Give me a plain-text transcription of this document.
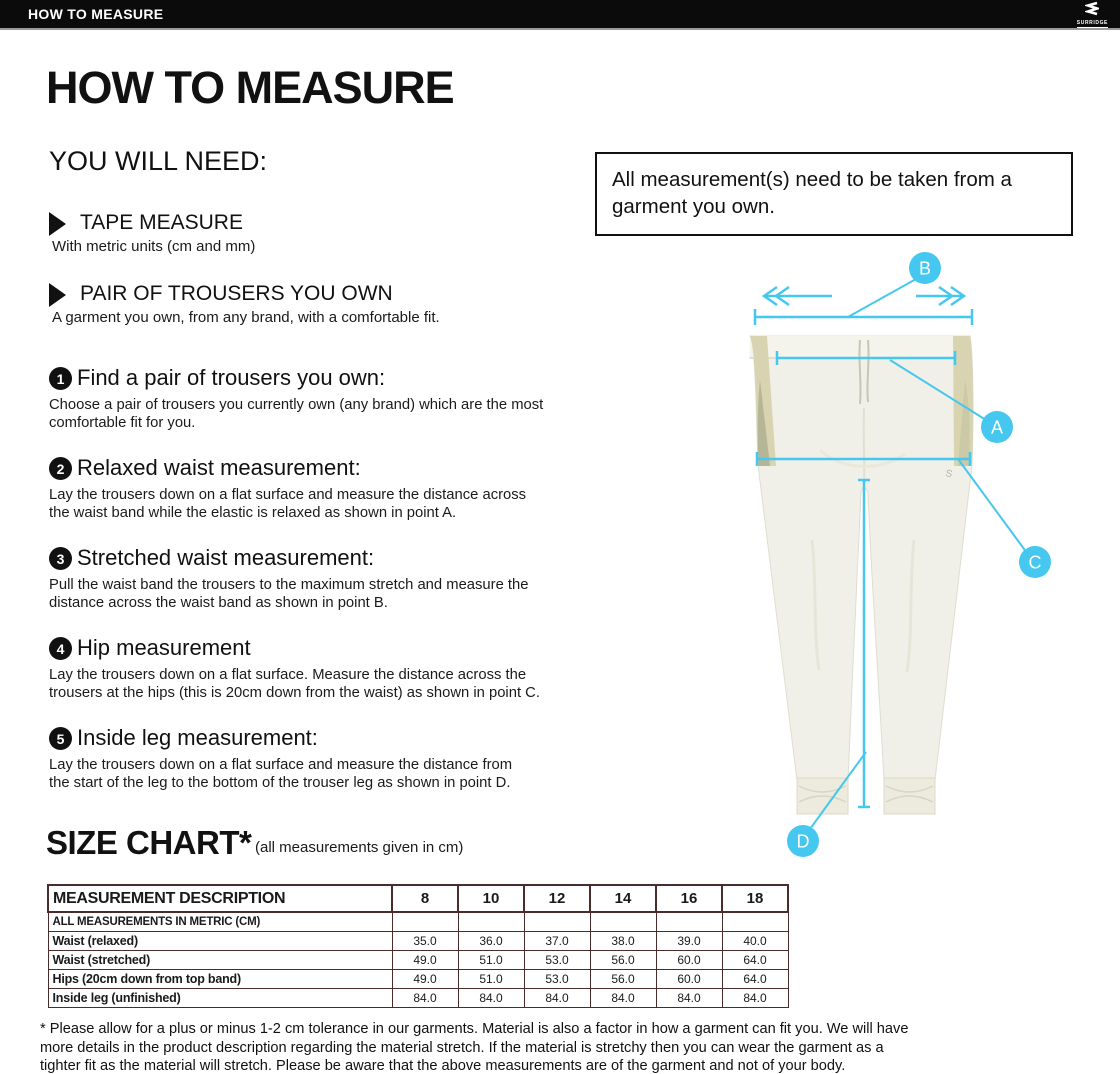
HOW TO MEASURE
SURRIDGE
HOW TO MEASURE
YOU WILL NEED:
TAPE MEASURE
With metric units (cm and mm)
PAIR OF TROUSERS YOU OWN
A garment you own, from any brand, with a comfortable fit.
All measurement(s) need to be taken from a garment you own.
1 Find a pair of trousers you own:
Choose a pair of trousers you currently own (any brand) which are the most
comfortable fit for you.
2 Relaxed waist measurement:
Lay the trousers down on a flat surface and measure the distance across
the waist band while the elastic is relaxed as shown in point A.
3 Stretched waist measurement:
Pull the waist band the trousers to the maximum stretch and measure the
distance across the waist band as shown in point B.
4 Hip measurement
Lay the trousers down on a flat surface. Measure the distance across the
trousers at the hips (this is 20cm down from the waist) as shown in point C.
5 Inside leg measurement:
Lay the trousers down on a flat surface and measure the distance from
the start of the leg to the bottom of the trouser leg as shown in point D.
SIZE CHART* (all measurements given in cm)
MEASUREMENT DESCRIPTION	8	10	12	14	16	18
ALL MEASUREMENTS IN METRIC (CM)						
Waist (relaxed)	35.0	36.0	37.0	38.0	39.0	40.0
Waist (stretched)	49.0	51.0	53.0	56.0	60.0	64.0
Hips (20cm down from top band)	49.0	51.0	53.0	56.0	60.0	64.0
Inside leg (unfinished)	84.0	84.0	84.0	84.0	84.0	84.0
* Please allow for a plus or minus 1-2 cm tolerance in our garments. Material is also a factor in how a garment can fit you. We will have
more details in the product description regarding the material stretch. If the material is stretchy then you can wear the garment as a
tighter fit as the material will stretch. Please be aware that the above measurements are of the garment and not of your body.
S
B
A
C
D
